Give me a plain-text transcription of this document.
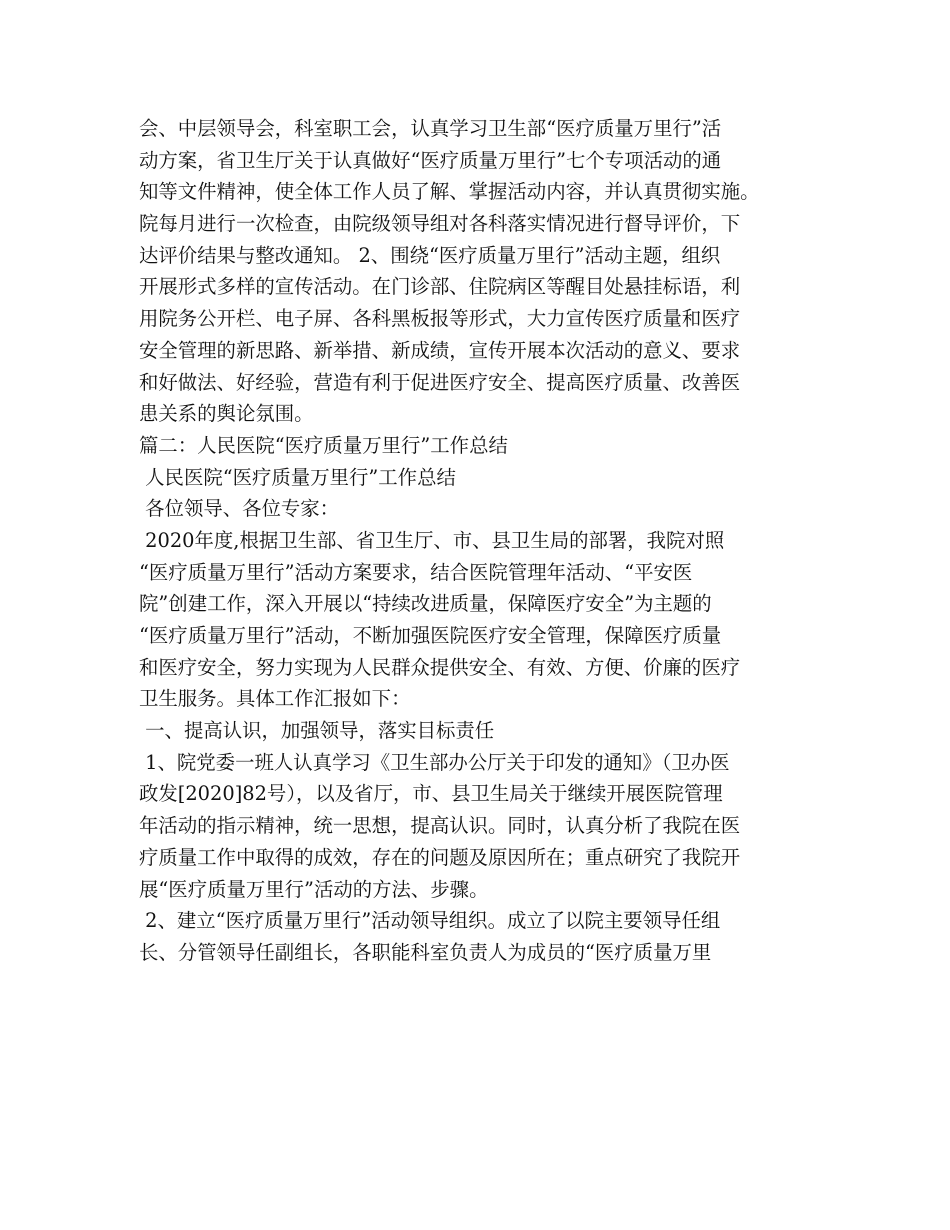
会、中层领导会，科室职工会，认真学习卫生部“医疗质量万里行”活
动方案，省卫生厅关于认真做好“医疗质量万里行”七个专项活动的通
知等文件精神，使全体工作人员了解、掌握活动内容，并认真贯彻实施。
院每月进行一次检查，由院级领导组对各科落实情况进行督导评价，下
达评价结果与整改通知。 2、围绕“医疗质量万里行”活动主题，组织
开展形式多样的宣传活动。在门诊部、住院病区等醒目处悬挂标语，利
用院务公开栏、电子屏、各科黑板报等形式，大力宣传医疗质量和医疗
安全管理的新思路、新举措、新成绩，宣传开展本次活动的意义、要求
和好做法、好经验，营造有利于促进医疗安全、提高医疗质量、改善医
患关系的舆论氛围。
篇二：人民医院“医疗质量万里行”工作总结
人民医院“医疗质量万里行”工作总结
各位领导、各位专家：
2020年度,根据卫生部、省卫生厅、市、县卫生局的部署，我院对照
“医疗质量万里行”活动方案要求，结合医院管理年活动、“平安医
院”创建工作，深入开展以“持续改进质量，保障医疗安全”为主题的
“医疗质量万里行”活动，不断加强医院医疗安全管理，保障医疗质量
和医疗安全，努力实现为人民群众提供安全、有效、方便、价廉的医疗
卫生服务。具体工作汇报如下：
一、提高认识，加强领导，落实目标责任
1、院党委一班人认真学习《卫生部办公厅关于印发的通知》（卫办医
政发[2020]82号），以及省厅，市、县卫生局关于继续开展医院管理
年活动的指示精神，统一思想，提高认识。同时，认真分析了我院在医
疗质量工作中取得的成效，存在的问题及原因所在；重点研究了我院开
展“医疗质量万里行”活动的方法、步骤。
2、建立“医疗质量万里行”活动领导组织。成立了以院主要领导任组
长、分管领导任副组长，各职能科室负责人为成员的“医疗质量万里
